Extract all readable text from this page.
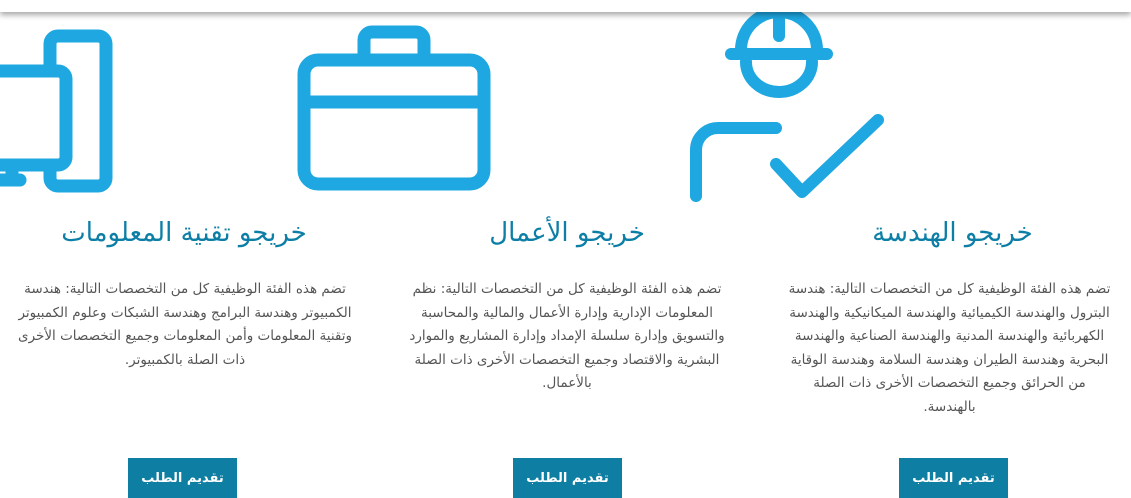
خريجو تقنية المعلومات

تضم هذه الفئة الوظيفية كل من التخصصات التالية: هندسة الكمبيوتر وهندسة البرامج وهندسة الشبكات وعلوم الكمبيوتر وتقنية المعلومات وأمن المعلومات وجميع التخصصات الأخرى ذات الصلة بالكمبيوتر.

تقديم الطلب
خريجو الأعمال

تضم هذه الفئة الوظيفية كل من التخصصات التالية: نظم المعلومات الإدارية وإدارة الأعمال والمالية والمحاسبة والتسويق وإدارة سلسلة الإمداد وإدارة المشاريع والموارد البشرية والاقتصاد وجميع التخصصات الأخرى ذات الصلة بالأعمال.

تقديم الطلب
خريجو الهندسة

تضم هذه الفئة الوظيفية كل من التخصصات التالية: هندسة البترول والهندسة الكيميائية والهندسة الميكانيكية والهندسة الكهربائية والهندسة المدنية والهندسة الصناعية والهندسة البحرية وهندسة الطيران وهندسة السلامة وهندسة الوقاية من الحرائق وجميع التخصصات الأخرى ذات الصلة بالهندسة.

تقديم الطلب
